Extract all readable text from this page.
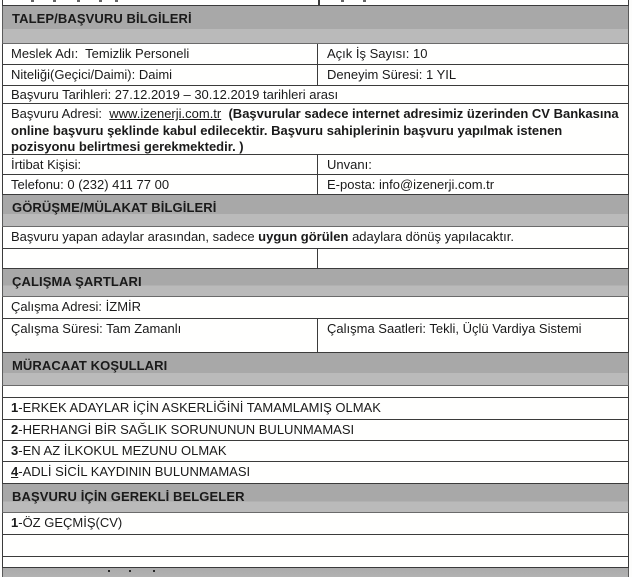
TALEP/BAŞVURU BİLGİLERİ
Meslek Adı:  Temizlik Personeli	Açık İş Sayısı: 10
Niteliği(Geçici/Daimi): Daimi	Deneyim Süresi: 1 YIL
Başvuru Tarihleri: 27.12.2019 – 30.12.2019 tarihleri arası
Başvuru Adresi:  www.izenerji.com.tr  (Başvurular sadece internet adresimiz üzerinden CV Bankasına online başvuru şeklinde kabul edilecektir. Başvuru sahiplerinin başvuru yapılmak istenen pozisyonu belirtmesi gerekmektedir. )
İrtibat Kişisi:	Unvanı:
Telefonu: 0 (232) 411 77 00	E-posta: info@izenerji.com.tr
GÖRÜŞME/MÜLAKAT BİLGİLERİ
Başvuru yapan adaylar arasından, sadece uygun görülen adaylara dönüş yapılacaktır.
ÇALIŞMA ŞARTLARI
Çalışma Adresi: İZMİR
Çalışma Süresi: Tam Zamanlı	Çalışma Saatleri: Tekli, Üçlü Vardiya Sistemi
MÜRACAAT KOŞULLARI
1-ERKEK ADAYLAR İÇİN ASKERLİĞİNİ TAMAMLAMIŞ OLMAK
2-HERHANGİ BİR SAĞLIK SORUNUNUN BULUNMAMASI
3-EN AZ İLKOKUL MEZUNU OLMAK
4-ADLİ SİCİL KAYDININ BULUNMAMASI
BAŞVURU İÇİN GEREKLİ BELGELER
1-ÖZ GEÇMİŞ(CV)
